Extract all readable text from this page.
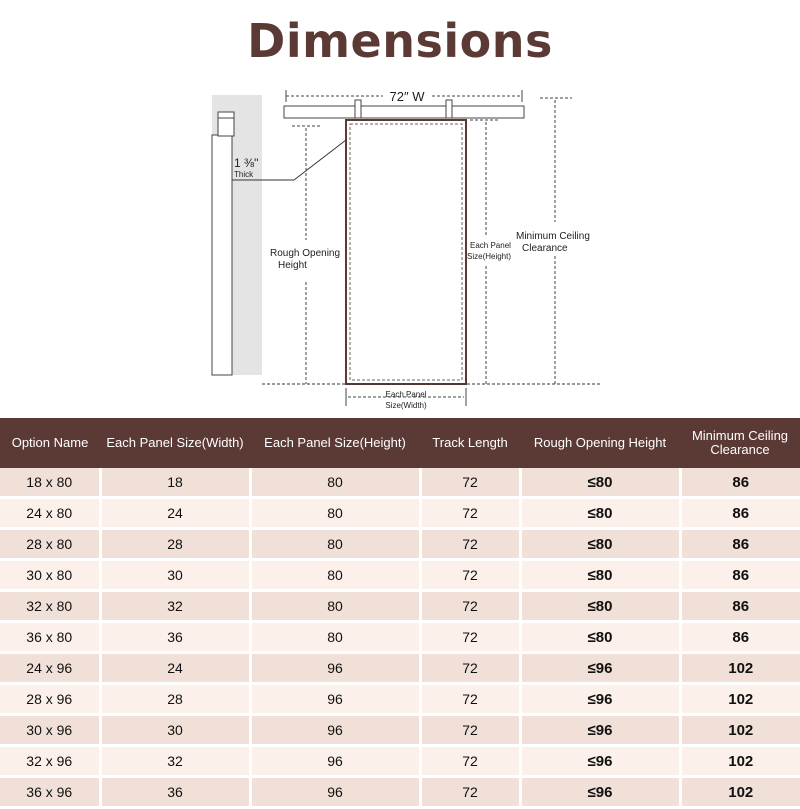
Dimensions
1 ⅜''
Thick
72″ W
Rough Opening
Height
Each Panel
Size(Height)
Minimum Ceiling
Clearance
Each Panel
Size(Width)
Option Name	Each Panel Size(Width)	Each Panel Size(Height)	Track Length	Rough Opening Height	Minimum Ceiling Clearance
18 x 80	18	80	72	≤80	86
24 x 80	24	80	72	≤80	86
28 x 80	28	80	72	≤80	86
30 x 80	30	80	72	≤80	86
32 x 80	32	80	72	≤80	86
36 x 80	36	80	72	≤80	86
24 x 96	24	96	72	≤96	102
28 x 96	28	96	72	≤96	102
30 x 96	30	96	72	≤96	102
32 x 96	32	96	72	≤96	102
36 x 96	36	96	72	≤96	102
